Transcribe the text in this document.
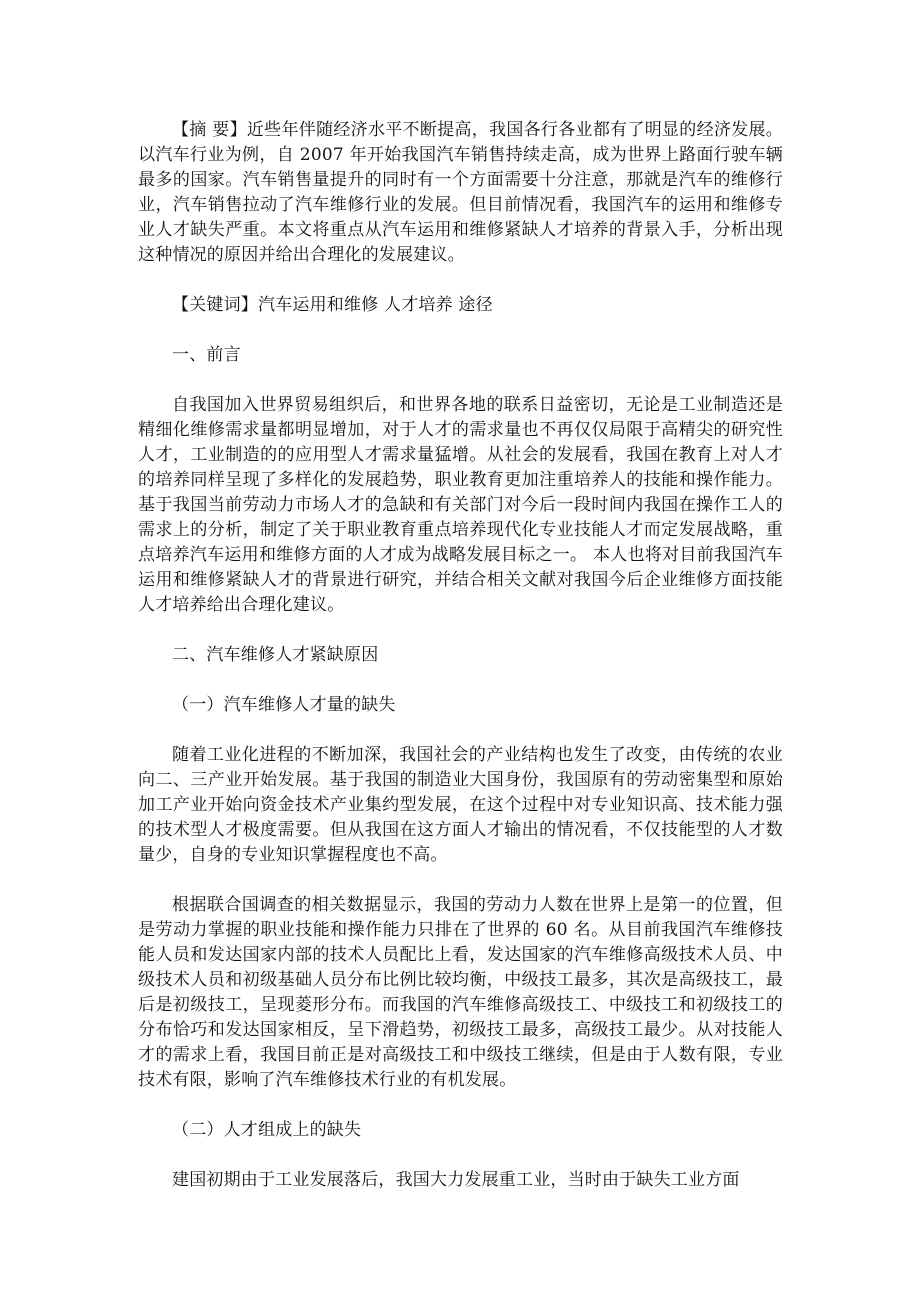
【摘 要】近些年伴随经济水平不断提高，我国各行各业都有了明显的经济发展。以汽车行业为例，自 2007 年开始我国汽车销售持续走高，成为世界上路面行驶车辆最多的国家。汽车销售量提升的同时有一个方面需要十分注意，那就是汽车的维修行业，汽车销售拉动了汽车维修行业的发展。但目前情况看，我国汽车的运用和维修专业人才缺失严重。本文将重点从汽车运用和维修紧缺人才培养的背景入手，分析出现这种情况的原因并给出合理化的发展建议。

【关键词】汽车运用和维修 人才培养 途径

一、前言

自我国加入世界贸易组织后，和世界各地的联系日益密切，无论是工业制造还是精细化维修需求量都明显增加，对于人才的需求量也不再仅仅局限于高精尖的研究性人才，工业制造的的应用型人才需求量猛增。从社会的发展看，我国在教育上对人才的培养同样呈现了多样化的发展趋势，职业教育更加注重培养人的技能和操作能力。基于我国当前劳动力市场人才的急缺和有关部门对今后一段时间内我国在操作工人的需求上的分析，制定了关于职业教育重点培养现代化专业技能人才而定发展战略，重点培养汽车运用和维修方面的人才成为战略发展目标之一。 本人也将对目前我国汽车运用和维修紧缺人才的背景进行研究，并结合相关文献对我国今后企业维修方面技能人才培养给出合理化建议。

二、汽车维修人才紧缺原因

（一）汽车维修人才量的缺失

随着工业化进程的不断加深，我国社会的产业结构也发生了改变，由传统的农业向二、三产业开始发展。基于我国的制造业大国身份，我国原有的劳动密集型和原始加工产业开始向资金技术产业集约型发展，在这个过程中对专业知识高、技术能力强的技术型人才极度需要。但从我国在这方面人才输出的情况看，不仅技能型的人才数量少，自身的专业知识掌握程度也不高。

根据联合国调查的相关数据显示，我国的劳动力人数在世界上是第一的位置，但是劳动力掌握的职业技能和操作能力只排在了世界的 60 名。从目前我国汽车维修技能人员和发达国家内部的技术人员配比上看，发达国家的汽车维修高级技术人员、中级技术人员和初级基础人员分布比例比较均衡，中级技工最多，其次是高级技工，最后是初级技工，呈现菱形分布。而我国的汽车维修高级技工、中级技工和初级技工的分布恰巧和发达国家相反，呈下滑趋势，初级技工最多，高级技工最少。从对技能人才的需求上看，我国目前正是对高级技工和中级技工继续，但是由于人数有限，专业技术有限，影响了汽车维修技术行业的有机发展。

（二）人才组成上的缺失

建国初期由于工业发展落后，我国大力发展重工业，当时由于缺失工业方面
